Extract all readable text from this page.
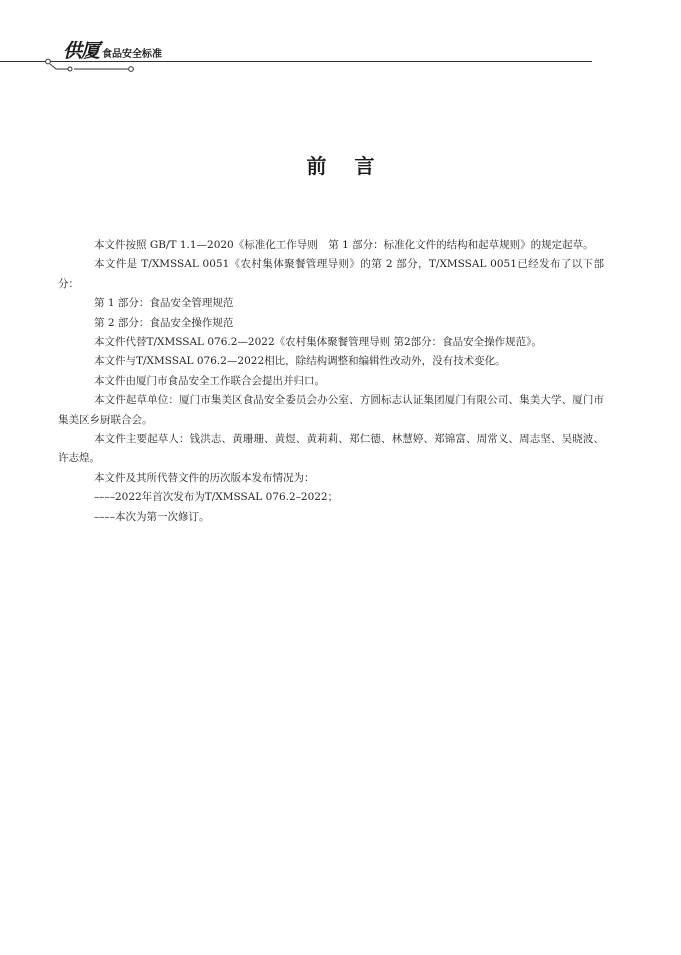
供厦 食品安全标准
前 言

本文件按照 GB/T 1.1—2020《标准化工作导则　第 1 部分：标准化文件的结构和起草规则》的规定起草。

本文件是 T/XMSSAL 0051《农村集体聚餐管理导则》的第 2 部分，T/XMSSAL 0051已经发布了以下部分：

第 1 部分：食品安全管理规范

第 2 部分：食品安全操作规范

本文件代替T/XMSSAL 076.2—2022《农村集体聚餐管理导则 第2部分：食品安全操作规范》。

本文件与T/XMSSAL 076.2—2022相比，除结构调整和编辑性改动外，没有技术变化。

本文件由厦门市食品安全工作联合会提出并归口。

本文件起草单位：厦门市集美区食品安全委员会办公室、方圆标志认证集团厦门有限公司、集美大学、厦门市集美区乡厨联合会。

本文件主要起草人：钱洪志、黄珊珊、黄煜、黄莉莉、郑仁德、林慧婷、郑锦富、周常义、周志坚、吴晓波、许志煌。

本文件及其所代替文件的历次版本发布情况为：

––––2022年首次发布为T/XMSSAL 076.2–2022；

––––本次为第一次修订。
